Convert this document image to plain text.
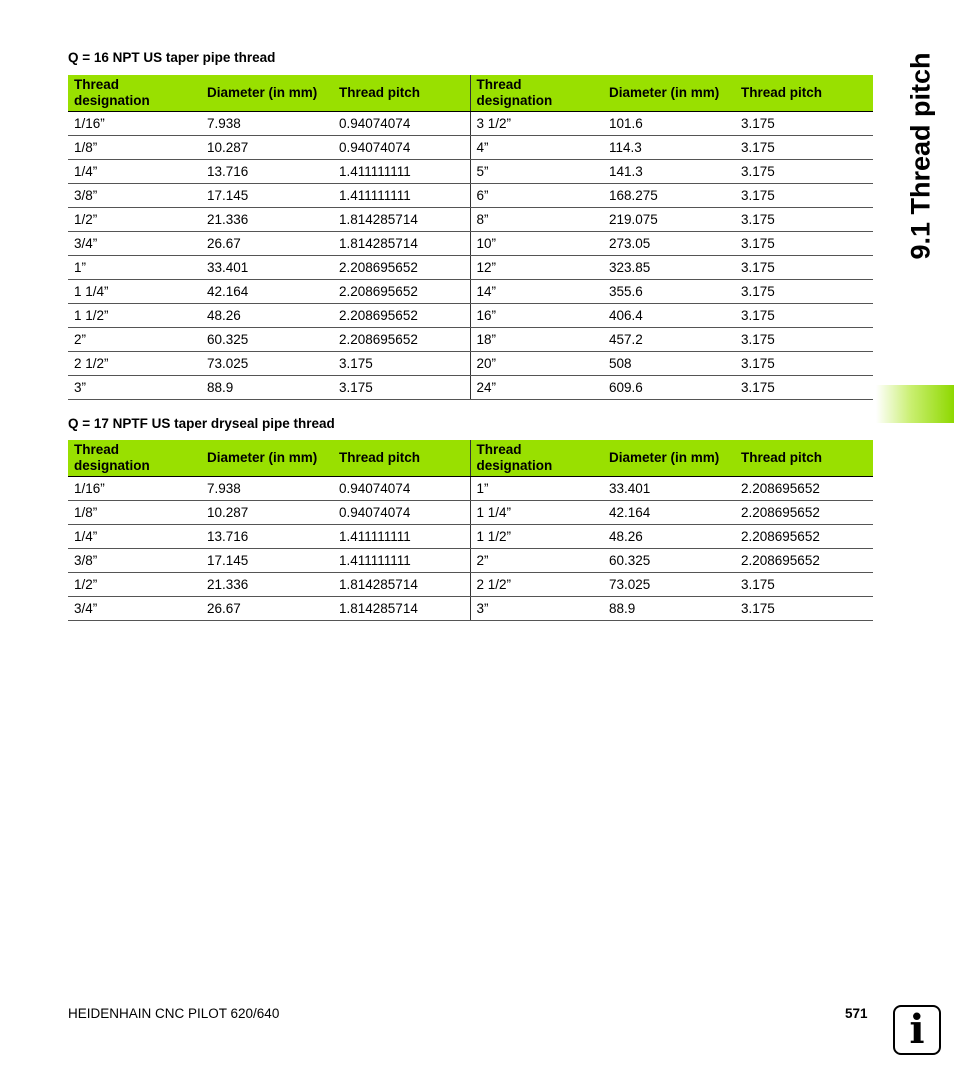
Q = 16 NPT US taper pipe thread
Thread designation	Diameter (in mm)	Thread pitch	Thread designation	Diameter (in mm)	Thread pitch
1/16”	7.938	0.94074074	3 1/2”	101.6	3.175
1/8”	10.287	0.94074074	4”	114.3	3.175
1/4”	13.716	1.411111111	5”	141.3	3.175
3/8”	17.145	1.411111111	6”	168.275	3.175
1/2”	21.336	1.814285714	8”	219.075	3.175
3/4”	26.67	1.814285714	10”	273.05	3.175
1”	33.401	2.208695652	12”	323.85	3.175
1 1/4”	42.164	2.208695652	14”	355.6	3.175
1 1/2”	48.26	2.208695652	16”	406.4	3.175
2”	60.325	2.208695652	18”	457.2	3.175
2 1/2”	73.025	3.175	20”	508	3.175
3”	88.9	3.175	24”	609.6	3.175
Q = 17 NPTF US taper dryseal pipe thread
Thread designation	Diameter (in mm)	Thread pitch	Thread designation	Diameter (in mm)	Thread pitch
1/16”	7.938	0.94074074	1”	33.401	2.208695652
1/8”	10.287	0.94074074	1 1/4”	42.164	2.208695652
1/4”	13.716	1.411111111	1 1/2”	48.26	2.208695652
3/8”	17.145	1.411111111	2”	60.325	2.208695652
1/2”	21.336	1.814285714	2 1/2”	73.025	3.175
3/4”	26.67	1.814285714	3”	88.9	3.175
9.1 Thread pitch
HEIDENHAIN CNC PILOT 620/640	571	i
